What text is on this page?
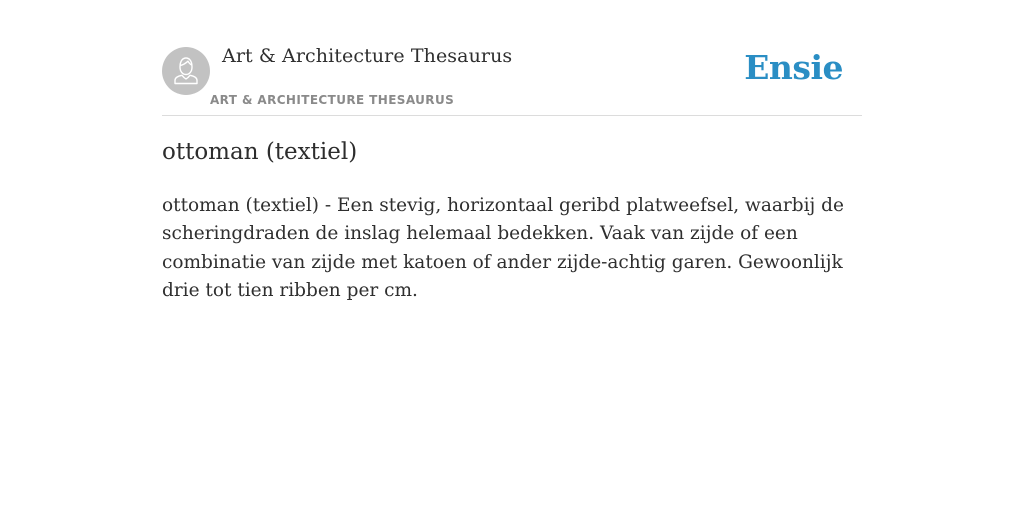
Art & Architecture Thesaurus
ART & ARCHITECTURE THESAURUS
Ensie
ottoman (textiel)

ottoman (textiel) - Een stevig, horizontaal geribd platweefsel, waarbij de scheringdraden de inslag helemaal bedekken. Vaak van zijde of een combinatie van zijde met katoen of ander zijde-achtig garen. Gewoonlijk drie tot tien ribben per cm.
